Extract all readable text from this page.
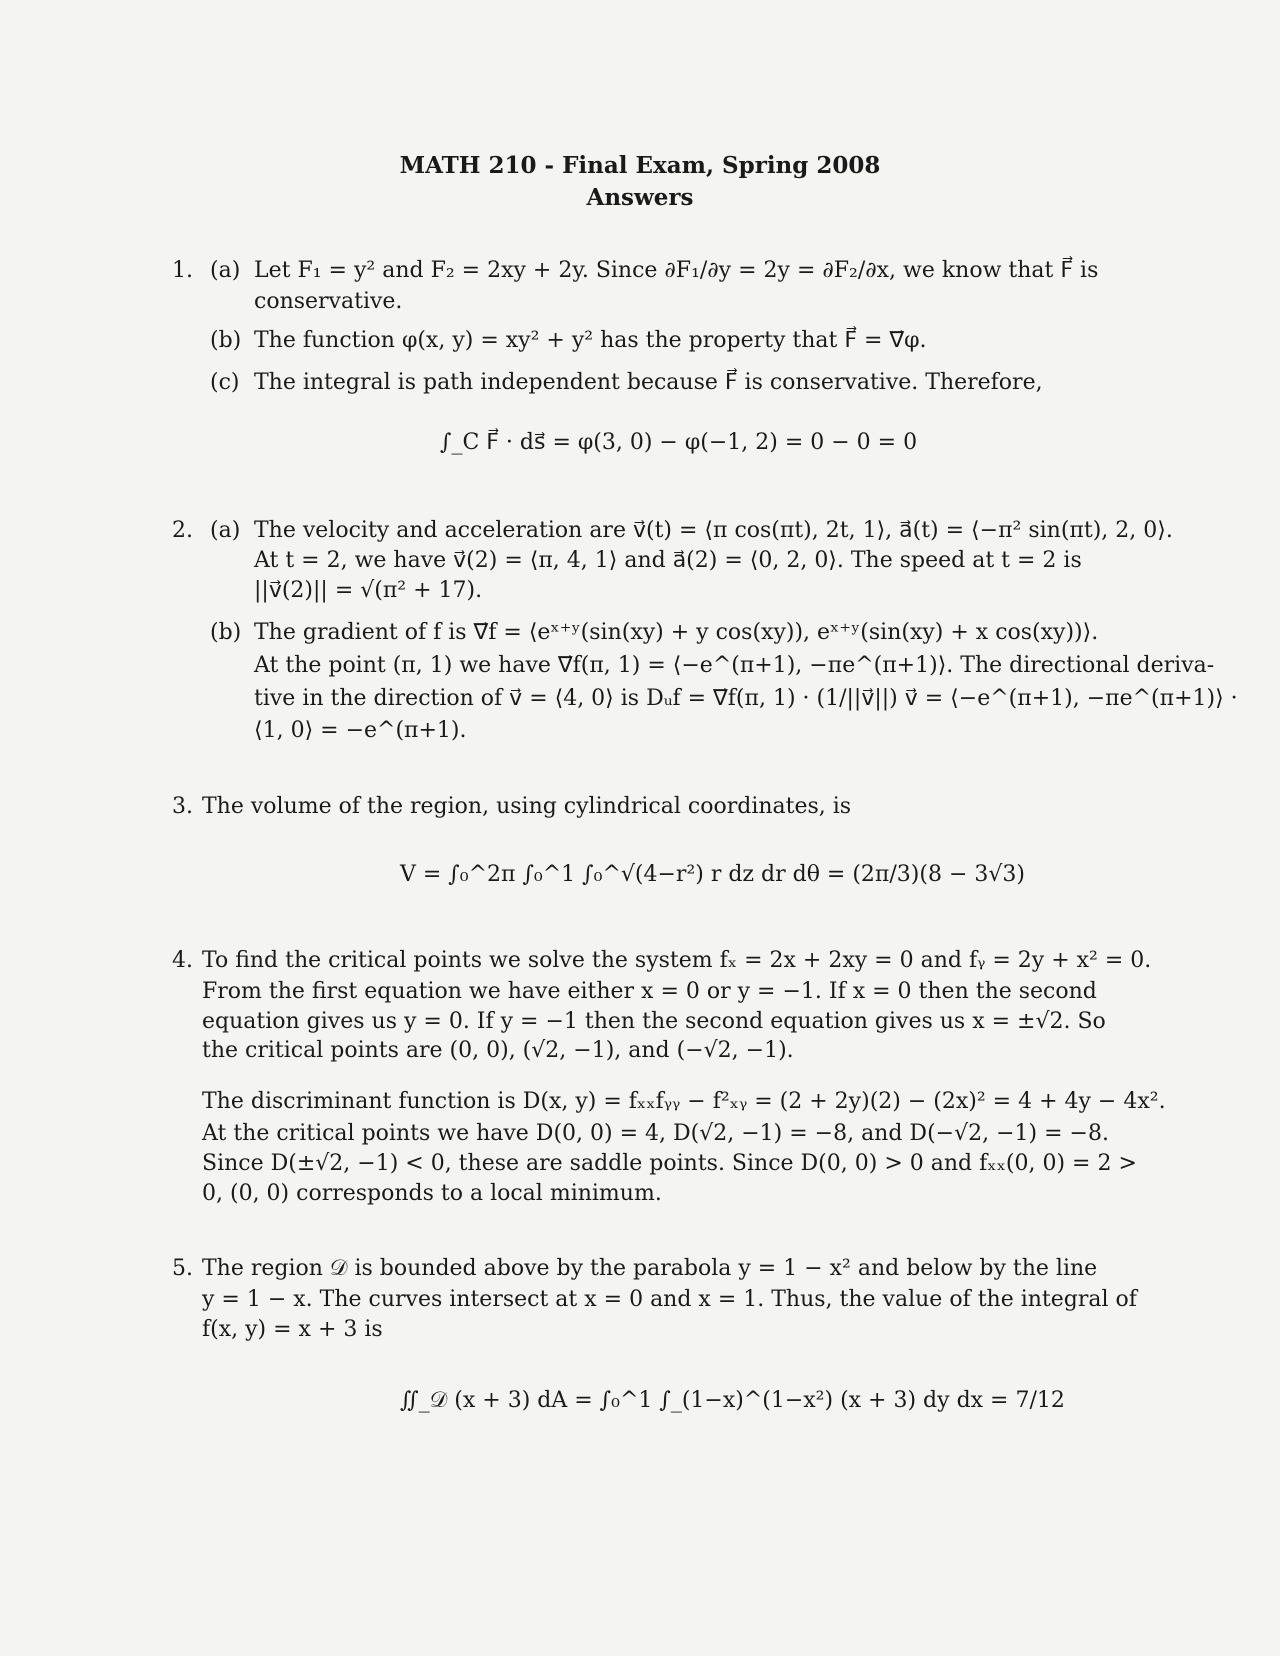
MATH 210 - Final Exam, Spring 2008
Answers
1. (a) Let F₁ = y² and F₂ = 2xy + 2y. Since ∂F₁/∂y = 2y = ∂F₂/∂x, we know that F⃗ is
conservative.
(b) The function φ(x, y) = xy² + y² has the property that F⃗ = ∇⃗φ.
(c) The integral is path independent because F⃗ is conservative. Therefore,
∫_C F⃗ · ds⃗ = φ(3, 0) − φ(−1, 2) = 0 − 0 = 0
2. (a) The velocity and acceleration are v⃗(t) = ⟨π cos(πt), 2t, 1⟩, a⃗(t) = ⟨−π² sin(πt), 2, 0⟩.
At t = 2, we have v⃗(2) = ⟨π, 4, 1⟩ and a⃗(2) = ⟨0, 2, 0⟩. The speed at t = 2 is
||v⃗(2)|| = √(π² + 17).
(b) The gradient of f is ∇⃗f = ⟨eˣ⁺ʸ(sin(xy) + y cos(xy)), eˣ⁺ʸ(sin(xy) + x cos(xy))⟩.
At the point (π, 1) we have ∇⃗f(π, 1) = ⟨−e^(π+1), −πe^(π+1)⟩. The directional deriva-
tive in the direction of v⃗ = ⟨4, 0⟩ is Dᵤf = ∇⃗f(π, 1) · (1/||v⃗||) v⃗ = ⟨−e^(π+1), −πe^(π+1)⟩ ·
⟨1, 0⟩ = −e^(π+1).
3. The volume of the region, using cylindrical coordinates, is
V = ∫₀^2π ∫₀^1 ∫₀^√(4−r²) r dz dr dθ = (2π/3)(8 − 3√3)
4. To find the critical points we solve the system fₓ = 2x + 2xy = 0 and fᵧ = 2y + x² = 0.
From the first equation we have either x = 0 or y = −1. If x = 0 then the second
equation gives us y = 0. If y = −1 then the second equation gives us x = ±√2. So
the critical points are (0, 0), (√2, −1), and (−√2, −1).
The discriminant function is D(x, y) = fₓₓfᵧᵧ − f²ₓᵧ = (2 + 2y)(2) − (2x)² = 4 + 4y − 4x².
At the critical points we have D(0, 0) = 4, D(√2, −1) = −8, and D(−√2, −1) = −8.
Since D(±√2, −1) < 0, these are saddle points. Since D(0, 0) > 0 and fₓₓ(0, 0) = 2 >
0, (0, 0) corresponds to a local minimum.
5. The region 𝒟 is bounded above by the parabola y = 1 − x² and below by the line
y = 1 − x. The curves intersect at x = 0 and x = 1. Thus, the value of the integral of
f(x, y) = x + 3 is
∬_𝒟 (x + 3) dA = ∫₀^1 ∫_(1−x)^(1−x²) (x + 3) dy dx = 7/12
